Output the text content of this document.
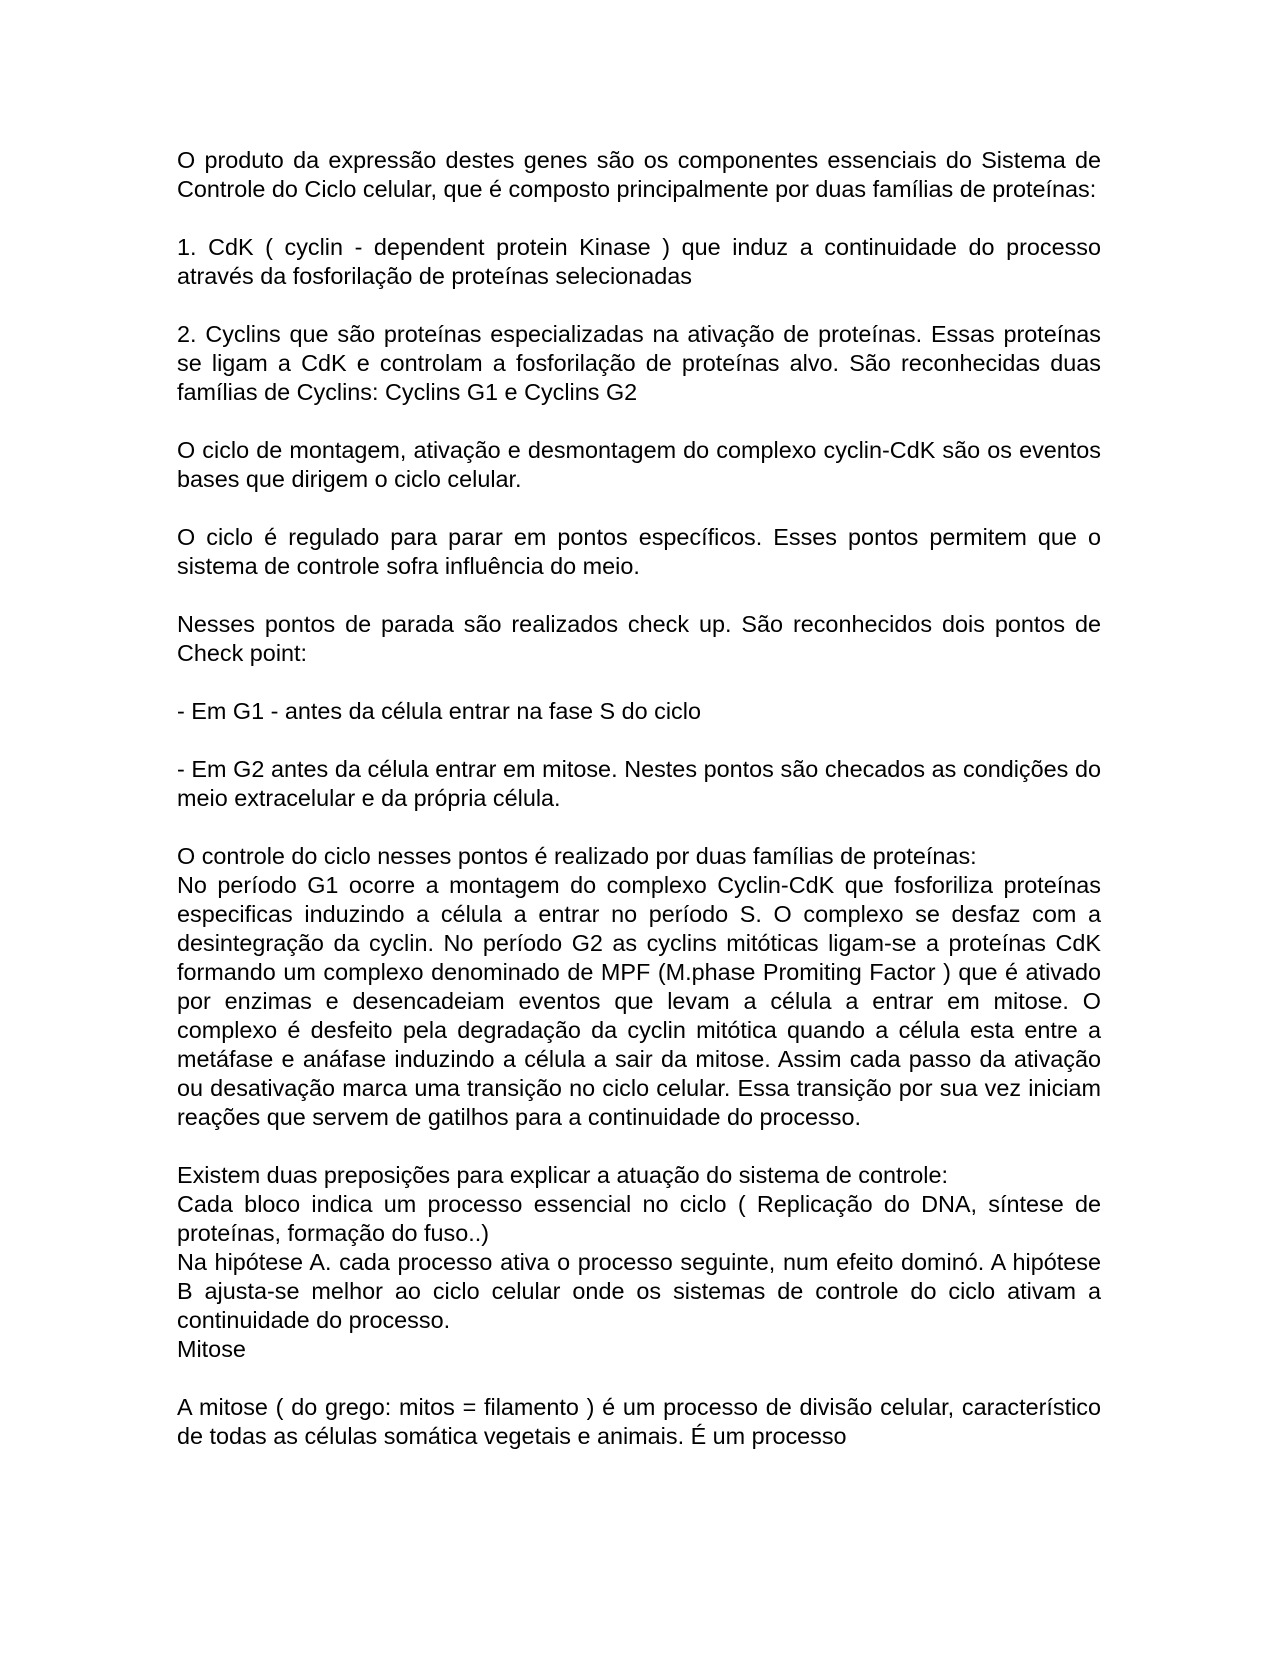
O produto da expressão destes genes são os componentes essenciais do Sistema de Controle do Ciclo celular, que é composto principalmente por duas famílias de proteínas:

1. CdK ( cyclin - dependent protein Kinase ) que induz a continuidade do processo através da fosforilação de proteínas selecionadas

2. Cyclins que são proteínas especializadas na ativação de proteínas. Essas proteínas se ligam a CdK e controlam a fosforilação de proteínas alvo. São reconhecidas duas famílias de Cyclins: Cyclins G1 e Cyclins G2

O ciclo de montagem, ativação e desmontagem do complexo cyclin-CdK são os eventos bases que dirigem o ciclo celular.

O ciclo é regulado para parar em pontos específicos. Esses pontos permitem que o sistema de controle sofra influência do meio.

Nesses pontos de parada são realizados check up. São reconhecidos dois pontos de Check point:

- Em G1 - antes da célula entrar na fase S do ciclo

- Em G2 antes da célula entrar em mitose. Nestes pontos são checados as condições do meio extracelular e da própria célula.

O controle do ciclo nesses pontos é realizado por duas famílias de proteínas:

No período G1 ocorre a montagem do complexo Cyclin-CdK que fosforiliza proteínas especificas induzindo a célula a entrar no período S. O complexo se desfaz com a desintegração da cyclin. No período G2 as cyclins mitóticas ligam-se a proteínas CdK formando um complexo denominado de MPF (M.phase Promiting Factor ) que é ativado por enzimas e desencadeiam eventos que levam a célula a entrar em mitose. O complexo é desfeito pela degradação da cyclin mitótica quando a célula esta entre a metáfase e anáfase induzindo a célula a sair da mitose. Assim cada passo da ativação ou desativação marca uma transição no ciclo celular. Essa transição por sua vez iniciam reações que servem de gatilhos para a continuidade do processo.

Existem duas preposições para explicar a atuação do sistema de controle:

Cada bloco indica um processo essencial no ciclo ( Replicação do DNA, síntese de proteínas, formação do fuso..)

Na hipótese A. cada processo ativa o processo seguinte, num efeito dominó. A hipótese B ajusta-se melhor ao ciclo celular onde os sistemas de controle do ciclo ativam a continuidade do processo.

Mitose

A mitose ( do grego: mitos = filamento ) é um processo de divisão celular, característico de todas as células somática vegetais e animais. É um processo
